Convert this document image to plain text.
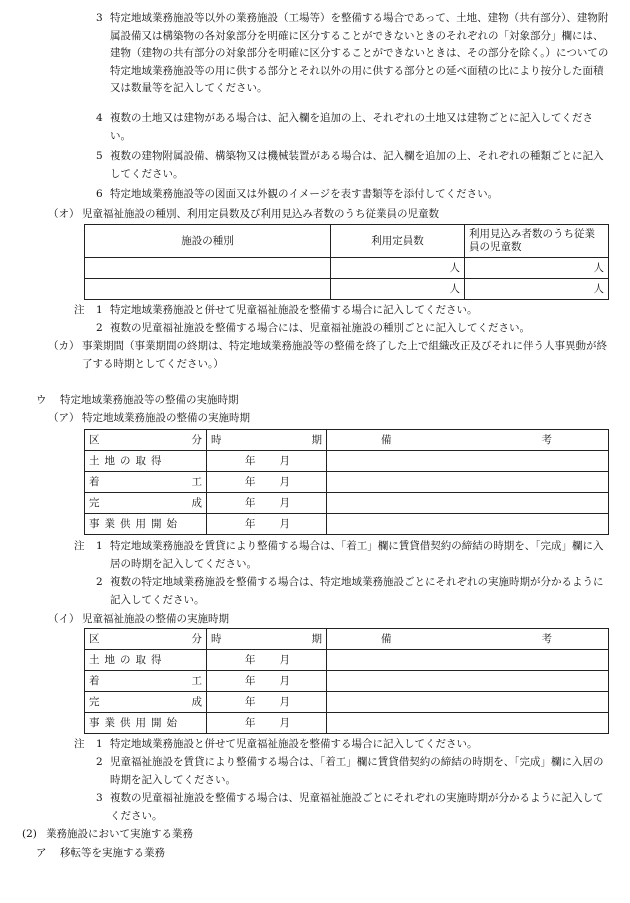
3 特定地域業務施設等以外の業務施設（工場等）を整備する場合であって、土地、建物（共有部分）、建物附属設備又は構築物の各対象部分を明確に区分することができないときのそれぞれの「対象部分」欄には、建物（建物の共有部分の対象部分を明確に区分することができないときは、その部分を除く。）についての特定地域業務施設等の用に供する部分とそれ以外の用に供する部分との延べ面積の比により按分した面積又は数量等を記入してください。

4 複数の土地又は建物がある場合は、記入欄を追加の上、それぞれの土地又は建物ごとに記入してください。

5 複数の建物附属設備、構築物又は機械装置がある場合は、記入欄を追加の上、それぞれの種類ごとに記入してください。

6 特定地域業務施設等の図面又は外観のイメージを表す書類等を添付してください。

（オ） 児童福祉施設の種別、利用定員数及び利用見込み者数のうち従業員の児童数
施設の種別	利用定員数	利用見込み者数のうち従業員の児童数
	人	人
	人	人
注 1 特定地域業務施設と併せて児童福祉施設を整備する場合に記入してください。

2 複数の児童福祉施設を整備する場合には、児童福祉施設の種別ごとに記入してください。

（カ） 事業期間（事業期間の終期は、特定地域業務施設等の整備を終了した上で組織改正及びそれに伴う人事異動が終了する時期としてください。）

ウ 特定地域業務施設等の整備の実施時期
（ア） 特定地域業務施設の整備の実施時期
区 分	時 期	備 考
土地の取得	年 月	
着 工	年 月	
完 成	年 月	
事業供用開始	年 月	
注 1 特定地域業務施設を賃貸により整備する場合は、「着工」欄に賃貸借契約の締結の時期を、「完成」欄に入居の時期を記入してください。

2 複数の特定地域業務施設を整備する場合は、特定地域業務施設ごとにそれぞれの実施時期が分かるように記入してください。

（イ） 児童福祉施設の整備の実施時期
区 分	時 期	備 考
土地の取得	年 月	
着 工	年 月	
完 成	年 月	
事業供用開始	年 月	
注 1 特定地域業務施設と併せて児童福祉施設を整備する場合に記入してください。

2 児童福祉施設を賃貸により整備する場合は、「着工」欄に賃貸借契約の締結の時期を、「完成」欄に入居の時期を記入してください。

3 複数の児童福祉施設を整備する場合は、児童福祉施設ごとにそれぞれの実施時期が分かるように記入してください。

(2) 業務施設において実施する業務
ア 移転等を実施する業務
